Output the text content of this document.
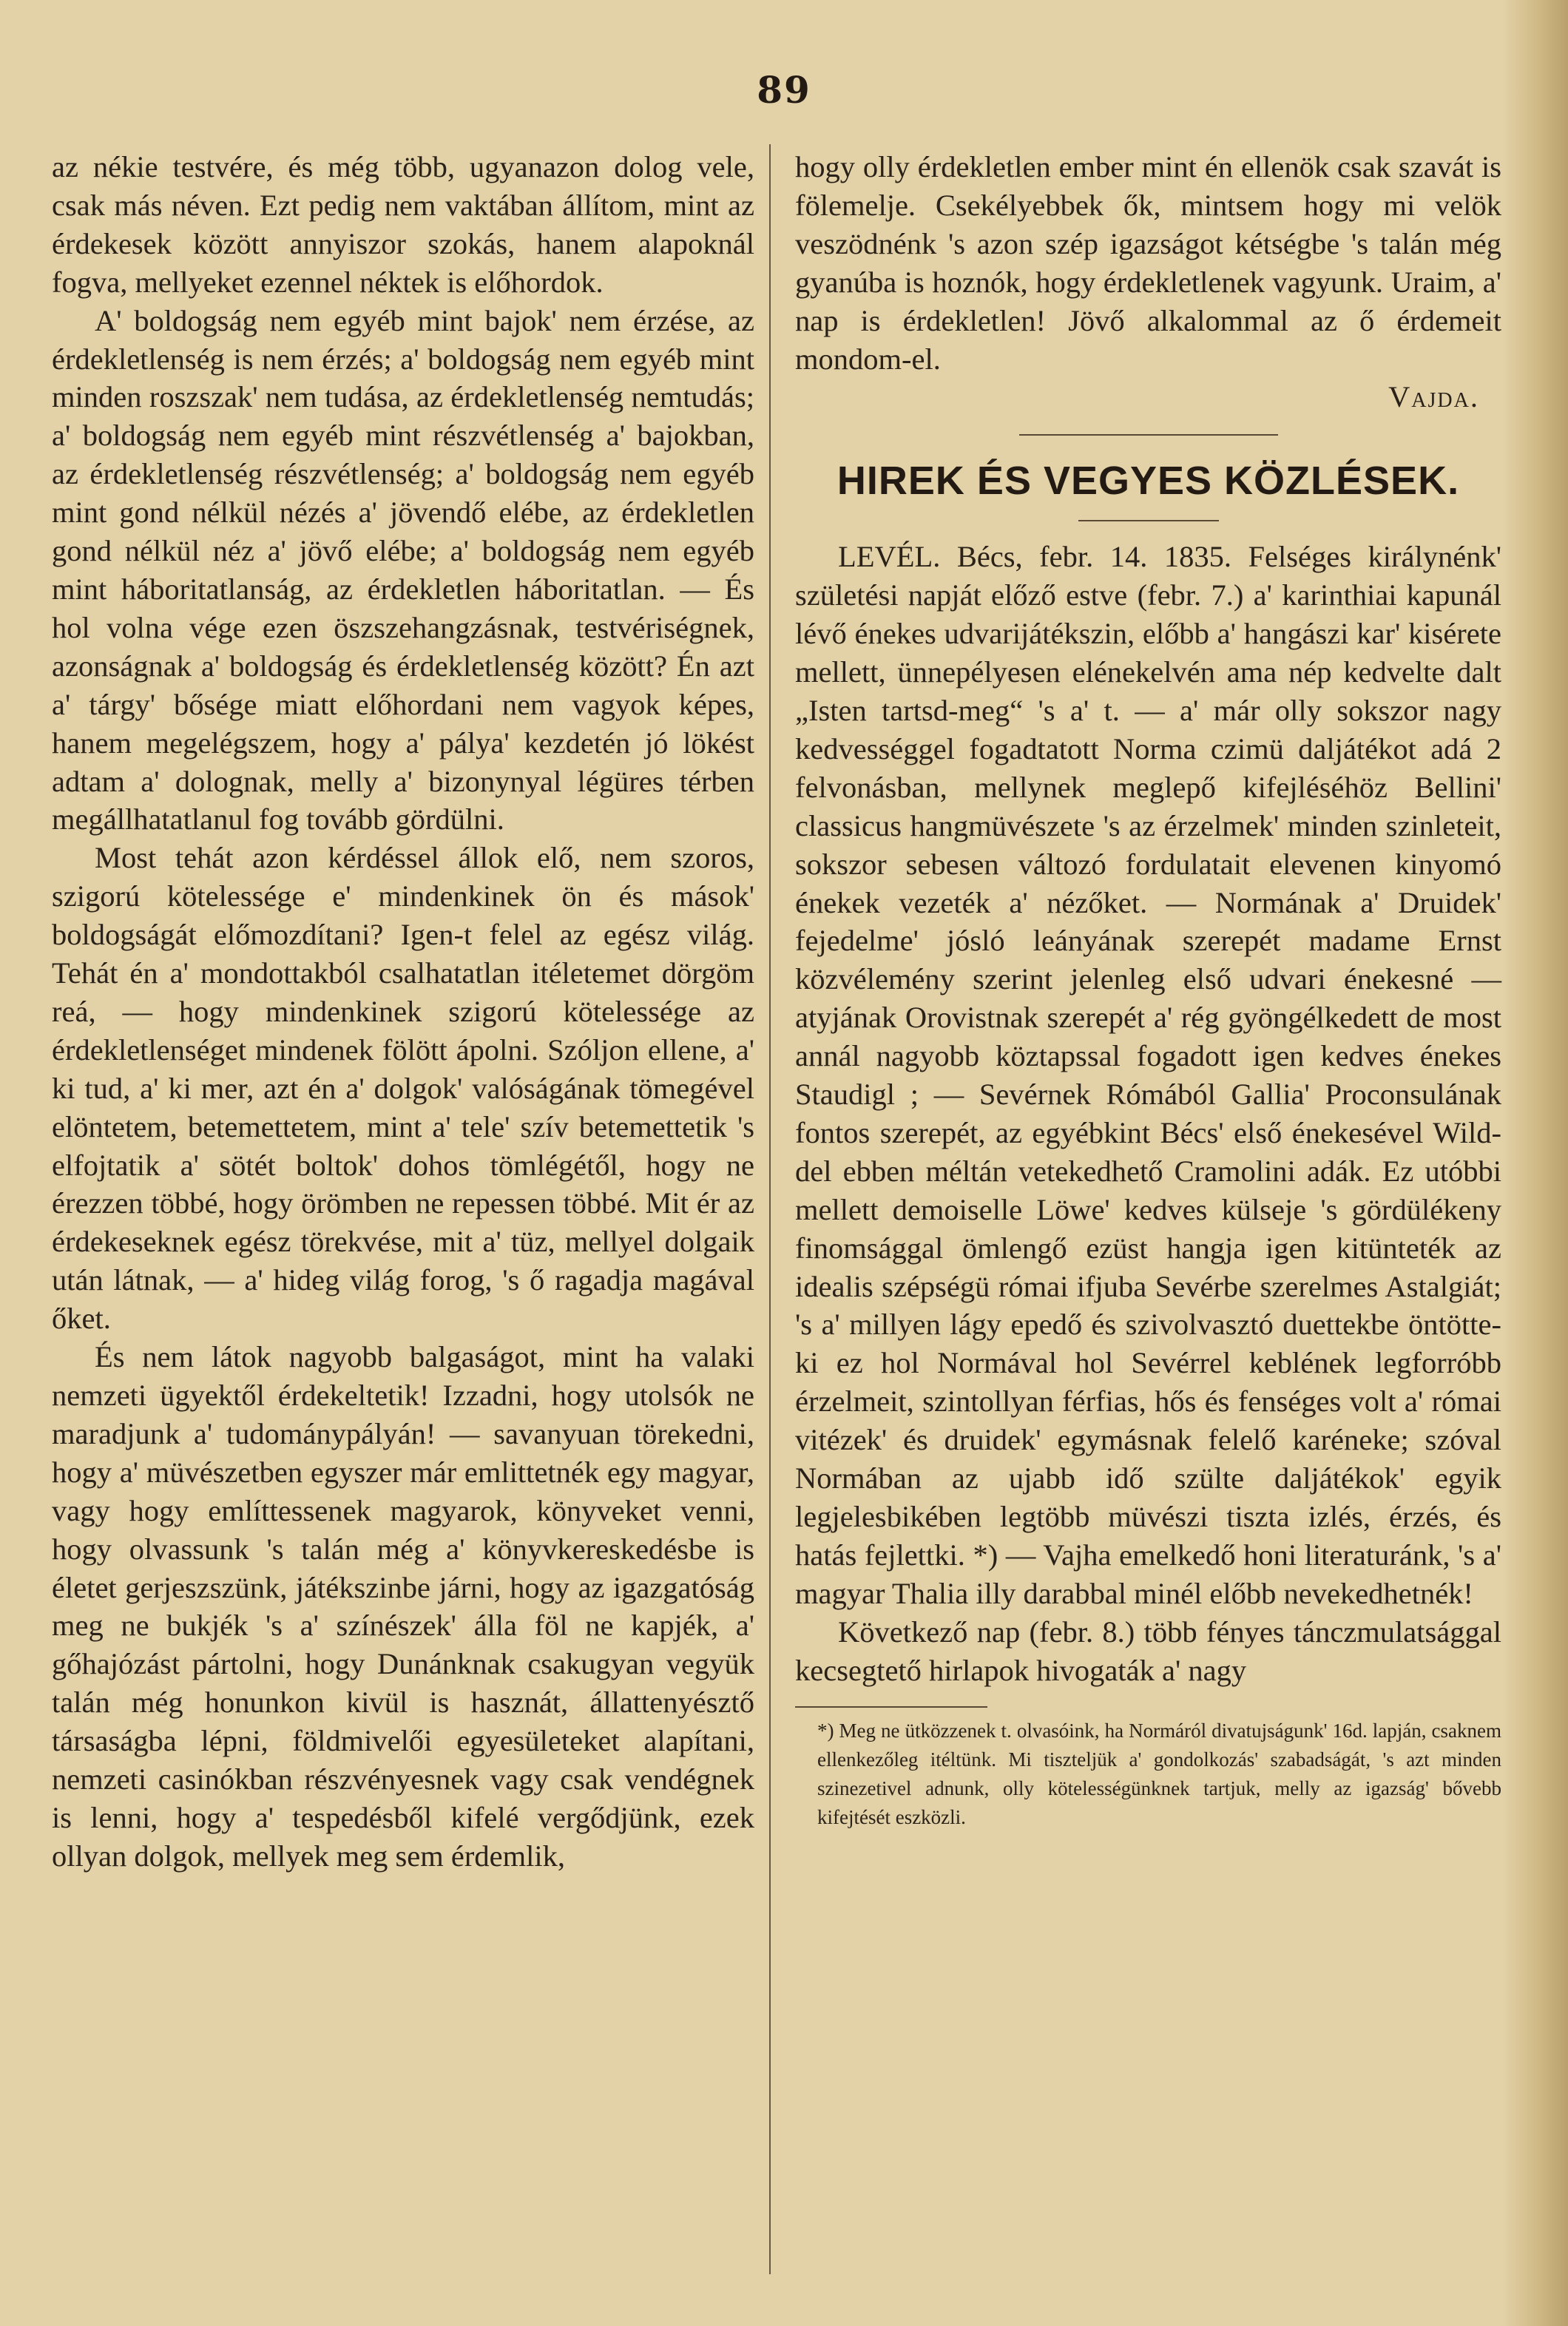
89

az nékie testvére, és még több, ugyanazon dolog vele, csak más néven. Ezt pedig nem vaktában állítom, mint az érdekesek között annyiszor szokás, hanem alapoknál fogva, mellyeket ezennel néktek is előhordok.

A' boldogság nem egyéb mint bajok' nem érzése, az érdekletlenség is nem érzés; a' boldogság nem egyéb mint minden roszszak' nem tudása, az érdekletlenség nemtudás; a' boldogság nem egyéb mint részvétlenség a' bajokban, az érdekletlenség részvétlenség; a' boldogság nem egyéb mint gond nélkül nézés a' jövendő elébe, az érdekletlen gond nélkül néz a' jövő elébe; a' boldogság nem egyéb mint háboritatlanság, az érdekletlen háboritatlan. — És hol volna vége ezen öszszehangzásnak, testvériségnek, azonságnak a' boldogság és érdekletlenség között? Én azt a' tárgy' bősége miatt előhordani nem vagyok képes, hanem megelégszem, hogy a' pálya' kezdetén jó lökést adtam a' dolognak, melly a' bizonynyal légüres térben megállhatatlanul fog tovább gördülni.

Most tehát azon kérdéssel állok elő, nem szoros, szigorú kötelessége e' mindenkinek ön és mások' boldogságát előmozdítani? Igen-t felel az egész világ. Tehát én a' mondottakból csalhatatlan itéletemet dörgöm reá, — hogy mindenkinek szigorú kötelessége az érdekletlenséget mindenek fölött ápolni. Szóljon ellene, a' ki tud, a' ki mer, azt én a' dolgok' valóságának tömegével elöntetem, betemettetem, mint a' tele' szív betemettetik 's elfojtatik a' sötét boltok' dohos tömlégétől, hogy ne érezzen többé, hogy örömben ne repessen többé. Mit ér az érdekeseknek egész törekvése, mit a' tüz, mellyel dolgaik után látnak, — a' hideg világ forog, 's ő ragadja magával őket.

És nem látok nagyobb balgaságot, mint ha valaki nemzeti ügyektől érdekeltetik! Izzadni, hogy utolsók ne maradjunk a' tudománypályán! — savanyuan törekedni, hogy a' müvészetben egyszer már emlittetnék egy magyar, vagy hogy említtessenek magyarok, könyveket venni, hogy olvassunk 's talán még a' könyvkereskedésbe is életet gerjeszszünk, játékszinbe járni, hogy az igazgatóság meg ne bukjék 's a' színészek' álla föl ne kapjék, a' gőhajózást pártolni, hogy Dunánknak csakugyan vegyük talán még honunkon kivül is hasznát, állattenyésztő társaságba lépni, földmivelői egyesületeket alapítani, nemzeti casinókban részvényesnek vagy csak vendégnek is lenni, hogy a' tespedésből kifelé vergődjünk, ezek ollyan dolgok, mellyek meg sem érdemlik,

hogy olly érdekletlen ember mint én ellenök csak szavát is fölemelje. Csekélyebbek ők, mintsem hogy mi velök veszödnénk 's azon szép igazságot kétségbe 's talán még gyanúba is hoznók, hogy érdekletlenek vagyunk. Uraim, a' nap is érdekletlen! Jövő alkalommal az ő érdemeit mondom-el.

Vajda.

HIREK ÉS VEGYES KÖZLÉSEK.

LEVÉL. Bécs, febr. 14. 1835. Felséges királynénk' születési napját előző estve (febr. 7.) a' karinthiai kapunál lévő énekes udvarijátékszin, előbb a' hangászi kar' kisérete mellett, ünnepélyesen elénekelvén ama nép kedvelte dalt „Isten tartsd-meg“ 's a' t. — a' már olly sokszor nagy kedvességgel fogadtatott Norma czimü daljátékot adá 2 felvonásban, mellynek meglepő kifejléséhöz Bellini' classicus hangmüvészete 's az érzelmek' minden szinleteit, sokszor sebesen változó fordulatait elevenen kinyomó énekek vezeték a' nézőket. — Normának a' Druidek' fejedelme' jósló leányának szerepét madame Ernst közvélemény szerint jelenleg első udvari énekesné — atyjának Orovistnak szerepét a' rég gyöngélkedett de most annál nagyobb köztapssal fogadott igen kedves énekes Staudigl ; — Sevérnek Rómából Gallia' Proconsulának fontos szerepét, az egyébkint Bécs' első énekesével Wild-del ebben méltán vetekedhető Cramolini adák. Ez utóbbi mellett demoiselle Löwe' kedves külseje 's gördülékeny finomsággal ömlengő ezüst hangja igen kitünteték az idealis szépségü római ifjuba Sevérbe szerelmes Astalgiát; 's a' millyen lágy epedő és szivolvasztó duettekbe öntötte-ki ez hol Normával hol Sevérrel keblének legforróbb érzelmeit, szintollyan férfias, hős és fenséges volt a' római vitézek' és druidek' egymásnak felelő karéneke; szóval Normában az ujabb idő szülte daljátékok' egyik legjelesbikében legtöbb müvészi tiszta izlés, érzés, és hatás fejlettki. *) — Vajha emelkedő honi literaturánk, 's a' magyar Thalia illy darabbal minél előbb nevekedhetnék!

Következő nap (febr. 8.) több fényes tánczmulatsággal kecsegtető hirlapok hivogaták a' nagy

*) Meg ne ütközzenek t. olvasóink, ha Normáról divatujságunk' 16d. lapján, csaknem ellenkezőleg itéltünk. Mi tiszteljük a' gondolkozás' szabadságát, 's azt minden szinezetivel adnunk, olly kötelességünknek tartjuk, melly az igazság' bővebb kifejtését eszközli.
